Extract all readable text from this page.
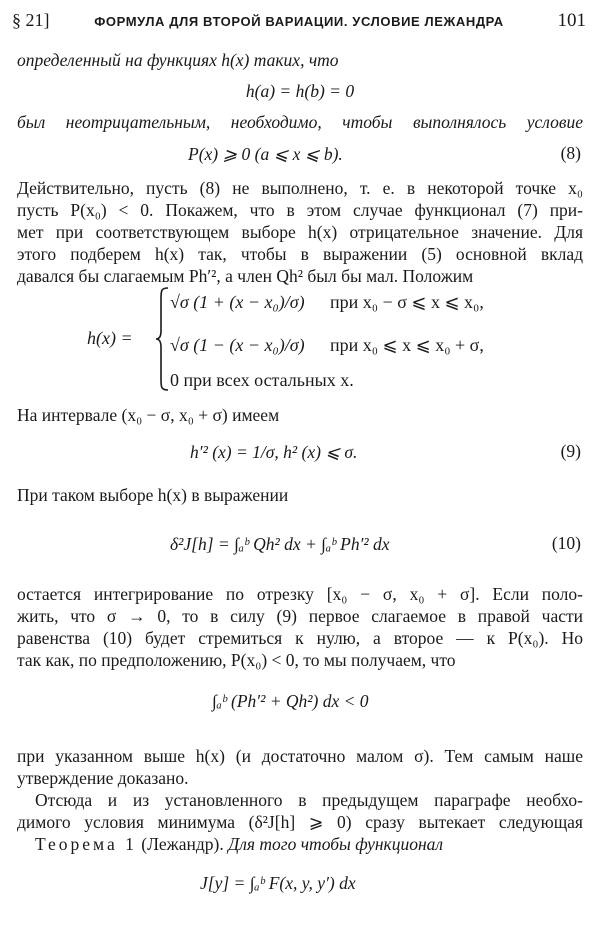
§ 21]	ФОРМУЛА ДЛЯ ВТОРОЙ ВАРИАЦИИ. УСЛОВИЕ ЛЕЖАНДРА	101
определенный на функциях h(x) таких, что
h(a) = h(b) = 0
был неотрицательным, необходимо, чтобы выполнялось условие
P(x) ⩾ 0 (a ⩽ x ⩽ b).	(8)
Действительно, пусть (8) не выполнено, т. е. в некоторой точке x₀
пусть P(x₀) < 0. Покажем, что в этом случае функционал (7) при-
мет при соответствующем выборе h(x) отрицательное значение. Для
этого подберем h(x) так, чтобы в выражении (5) основной вклад
давался бы слагаемым Ph′², а член Qh² был бы мал. Положим
h(x) =
√σ (1 + (x − x₀)/σ) при x₀ − σ ⩽ x ⩽ x₀,
√σ (1 − (x − x₀)/σ) при x₀ ⩽ x ⩽ x₀ + σ,
0 при всех остальных x.
На интервале (x₀ − σ, x₀ + σ) имеем
h′² (x) = 1/σ, h² (x) ⩽ σ.	(9)
При таком выборе h(x) в выражении
δ²J[h] = ∫ₐᵇ Qh² dx + ∫ₐᵇ Ph′² dx	(10)
остается интегрирование по отрезку [x₀ − σ, x₀ + σ]. Если поло-
жить, что σ → 0, то в силу (9) первое слагаемое в правой части
равенства (10) будет стремиться к нулю, а второе — к P(x₀). Но
так как, по предположению, P(x₀) < 0, то мы получаем, что
∫ₐᵇ (Ph′² + Qh²) dx < 0
при указанном выше h(x) (и достаточно малом σ). Тем самым наше
утверждение доказано.
Отсюда и из установленного в предыдущем параграфе необхо-
димого условия минимума (δ²J[h] ⩾ 0) сразу вытекает следующая
Теорема 1 (Лежандр). Для того чтобы функционал
J[y] = ∫ₐᵇ F(x, y, y′) dx
